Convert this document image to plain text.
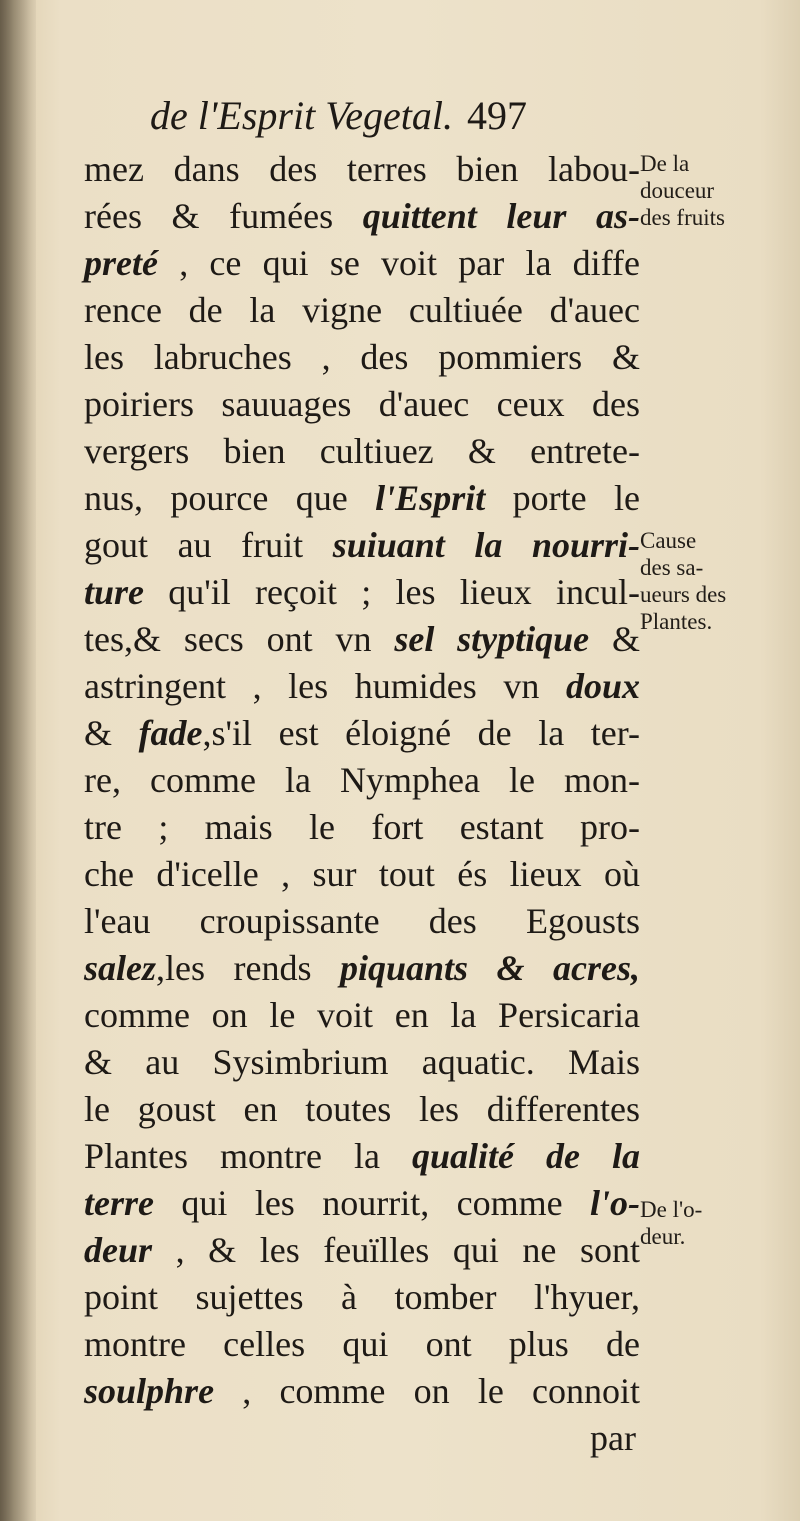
de l'Esprit Vegetal. 497
mez dans des terres bien labou-
rées & fumées quittent leur as-
preté , ce qui se voit par la diffe
rence de la vigne cultiuée d'auec
les labruches , des pommiers &
poiriers sauuages d'auec ceux des
vergers bien cultiuez & entrete-
nus, pource que l'Esprit porte le
gout au fruit suiuant la nourri-
ture qu'il reçoit ; les lieux incul-
tes,& secs ont vn sel styptique &
astringent , les humides vn doux
& fade,s'il est éloigné de la ter-
re, comme la Nymphea le mon-
tre ; mais le fort estant pro-
che d'icelle , sur tout és lieux où
l'eau croupissante des Egousts
salez,les rends piquants & acres,
comme on le voit en la Persicaria
& au Sysimbrium aquatic. Mais
le goust en toutes les differentes
Plantes montre la qualité de la
terre qui les nourrit, comme l'o-
deur , & les feuïlles qui ne sont
point sujettes à tomber l'hyuer,
montre celles qui ont plus de
soulphre , comme on le connoit
par
De la
douceur
des fruits
Cause
des sa-
ueurs des
Plantes.
De l'o-
deur.
